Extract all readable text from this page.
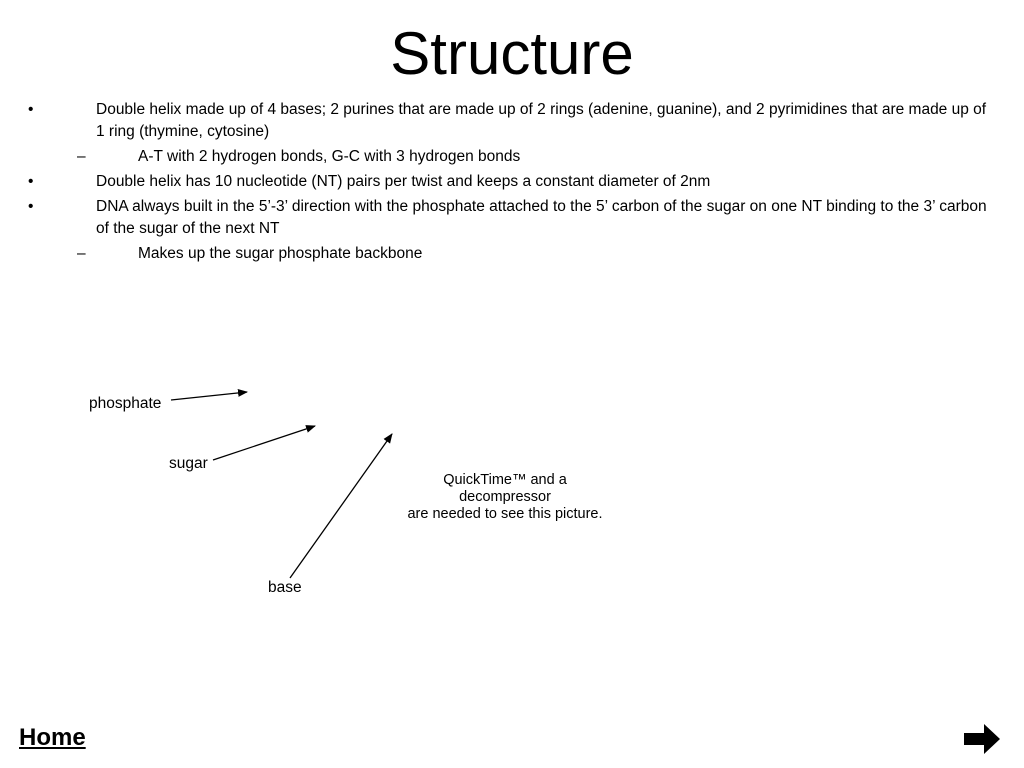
Structure
•	Double helix made up of 4 bases; 2 purines that are made up of 2 rings (adenine, guanine), and 2 pyrimidines that are made up of 1 ring (thymine, cytosine)
–	A-T with 2 hydrogen bonds, G-C with 3 hydrogen bonds
•	Double helix has 10 nucleotide (NT) pairs per twist and keeps a constant diameter of 2nm
•	DNA always built in the 5’-3’ direction with the phosphate attached to the 5’ carbon of the sugar on one NT binding to the 3’ carbon of the sugar of the next NT
–	Makes up the sugar phosphate backbone
phosphate
sugar
base
QuickTime™ and a
decompressor
are needed to see this picture.
Home
